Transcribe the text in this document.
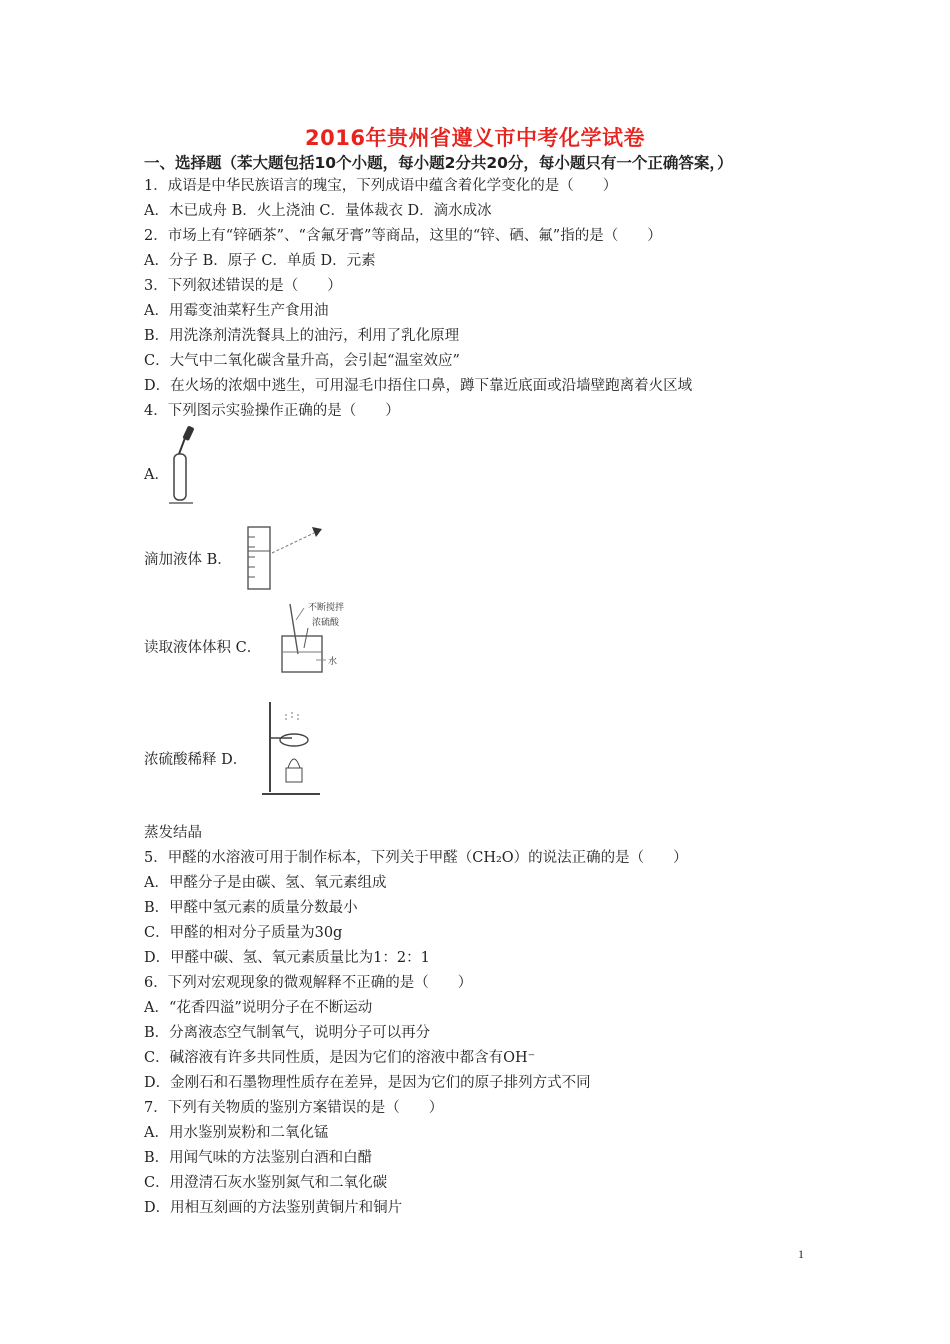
2016年贵州省遵义市中考化学试卷
一、选择题（苯大题包括10个小题，每小题2分共20分，每小题只有一个正确答案，）
1．成语是中华民族语言的瑰宝，下列成语中蕴含着化学变化的是（　　）
A．木已成舟 B．火上浇油 C．量体裁衣 D．滴水成冰
2．市场上有“锌硒茶”、“含氟牙膏”等商品，这里的“锌、硒、氟”指的是（　　）
A．分子 B．原子 C．单质 D．元素
3．下列叙述错误的是（　　）
A．用霉变油菜籽生产食用油
B．用洗涤剂清洗餐具上的油污，利用了乳化原理
C．大气中二氧化碳含量升高，会引起“温室效应”
D．在火场的浓烟中逃生，可用湿毛巾捂住口鼻，蹲下靠近底面或沿墙壁跑离着火区域
4．下列图示实验操作正确的是（　　）
A．
滴加液体 B．
读取液体体积 C．
不断搅拌
浓硫酸
水
浓硫酸稀释 D．
蒸发结晶
5．甲醛的水溶液可用于制作标本，下列关于甲醛（CH₂O）的说法正确的是（　　）
A．甲醛分子是由碳、氢、氧元素组成
B．甲醛中氢元素的质量分数最小
C．甲醛的相对分子质量为30g
D．甲醛中碳、氢、氧元素质量比为1：2：1
6．下列对宏观现象的微观解释不正确的是（　　）
A．“花香四溢”说明分子在不断运动
B．分离液态空气制氧气，说明分子可以再分
C．碱溶液有许多共同性质，是因为它们的溶液中都含有OH⁻
D．金刚石和石墨物理性质存在差异，是因为它们的原子排列方式不同
7．下列有关物质的鉴别方案错误的是（　　）
A．用水鉴别炭粉和二氧化锰
B．用闻气味的方法鉴别白酒和白醋
C．用澄清石灰水鉴别氮气和二氧化碳
D．用相互刻画的方法鉴别黄铜片和铜片
1
